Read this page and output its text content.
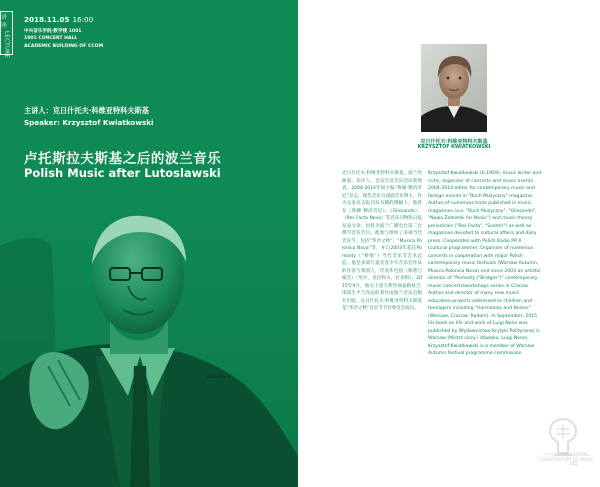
讲座
LECTURE
2018.11.05 16:00
中央音乐学院·教学楼 1001
1001 CONCERT HALL
ACADEMIC BUILDING OF CCOM
主讲人：克日什托夫·科维亚特科夫斯基
Speaker: Krzysztof Kwiatkowski
卢托斯拉夫斯基之后的波兰音乐
Polish Music after Lutoslawski
Lutoslawski
克日什托夫·科维亚特科夫斯基
KRZYSZTOF KWIATKOWSKI
克日什托夫·科维亚特科夫斯基，波兰作曲家、乐评人、音乐会及音乐活动策划者。2004-2014年间主编“鲁赫·穆济奇尼”杂志，现代音乐与戏剧音乐博主。作为众多杂志报刊及书籍的撰稿人，他曾在《鲁赫·穆济奇尼》、《Glissando》、《Res Facta Nova》等音乐刊物和日报发表文章，也曾为波兰广播电台第二台撰写音乐节目。他参与组织了多项当代音乐节，包括“华沙之秋”、“Musica Polonica Nova”等，并自2003年起任Pomosty（“桥梁”）当代音乐节艺术总监。他是多部儿童及青少年音乐会作品的作者与策划人，代表作包括《和谐与噪音》（华沙、克拉科夫、拉多姆）。2015年9月，他关于意大利作曲家路易吉·诺诺生平与作品的著作由波兰音乐出版社出版。克日什托夫·科维亚特科夫斯基是“华沙之秋”音乐节节目委员会成员。
Krzysztof Kwiatkowski (b.1959), music writer and critic, organiser of concerts and music events. 2004-2014 editor for contemporary music and foreign events in "Ruch Muzyczny" magazine. Author of numerous texts published in music magazines (a.o. "Ruch Muzyczny", "Glissando", "Nowa Żołnierki for Music") and music theory periodicals ("Res Facta", "Scontri") as well as magazines devoted to cultural affairs and daily press. Cooperates with Polish Radio PR II (cultural programme). Organiser of numerous concerts in cooperation with major Polish contemporary music festivals (Warsaw Autumn, Musica Polonica Nova) and since 2003 an artistic director of "Pomosty ("Bridges")" contemporary music concerts/workshops series in Cracow. Author and director of many new music education projects addressed to children and teenagers including "Harmonies and Noises" (Warsaw, Cracow, Radom). In September, 2015 his book on life and work of Luigi Nono was published by Wydawnictwo Krytyki Politycznej in Warsaw (Mistrz ciszy i dźwięku. Luigi Nono). Krzysztof Kwiatkowski is a member of Warsaw Autumn festival programme commission.
中央音乐学院 CENTRAL CONSERVATORY OF MUSIC
315
